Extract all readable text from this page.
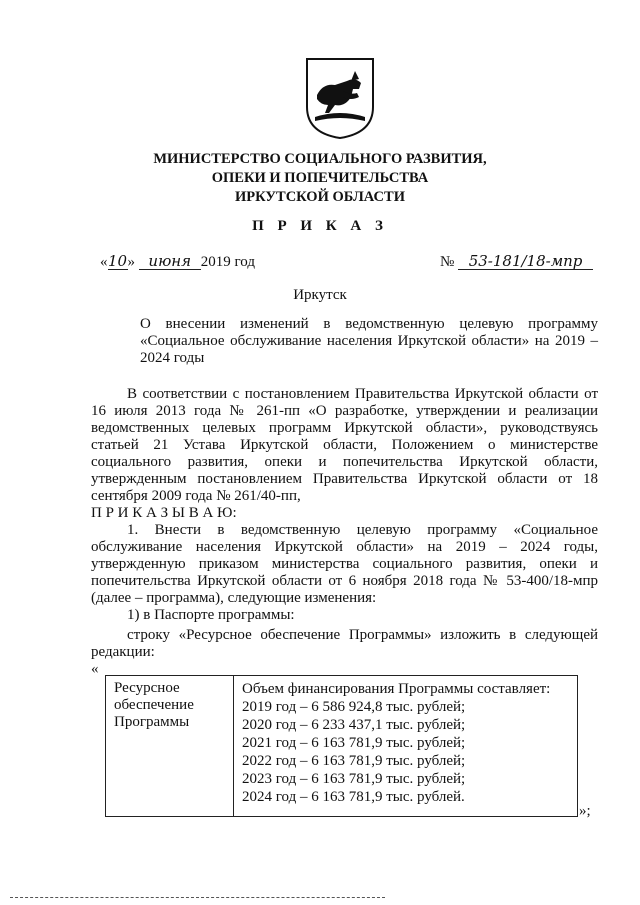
МИНИСТЕРСТВО СОЦИАЛЬНОГО РАЗВИТИЯ,
ОПЕКИ И ПОПЕЧИТЕЛЬСТВА
ИРКУТСКОЙ ОБЛАСТИ
П Р И К А З
«10» июня 2019 год	№ 53-181/18-мпр
Иркутск
О внесении изменений в ведомственную целевую программу «Социальное обслуживание населения Иркутской области» на 2019 – 2024 годы
В соответствии с постановлением Правительства Иркутской области от 16 июля 2013 года № 261-пп «О разработке, утверждении и реализации ведомственных целевых программ Иркутской области», руководствуясь статьей 21 Устава Иркутской области, Положением о министерстве социального развития, опеки и попечительства Иркутской области, утвержденным постановлением Правительства Иркутской области от 18 сентября 2009 года № 261/40-пп,
П Р И К А З Ы В А Ю:
1. Внести в ведомственную целевую программу «Социальное обслуживание населения Иркутской области» на 2019 – 2024 годы, утвержденную приказом министерства социального развития, опеки и попечительства Иркутской области от 6 ноября 2018 года № 53-400/18-мпр (далее – программа), следующие изменения:
1) в Паспорте программы:
строку «Ресурсное обеспечение Программы» изложить в следующей редакции:
«
Ресурсное обеспечение Программы
Объем финансирования Программы составляет:
2019 год – 6 586 924,8 тыс. рублей;
2020 год – 6 233 437,1 тыс. рублей;
2021 год – 6 163 781,9 тыс. рублей;
2022 год – 6 163 781,9 тыс. рублей;
2023 год – 6 163 781,9 тыс. рублей;
2024 год – 6 163 781,9 тыс. рублей.
»;
